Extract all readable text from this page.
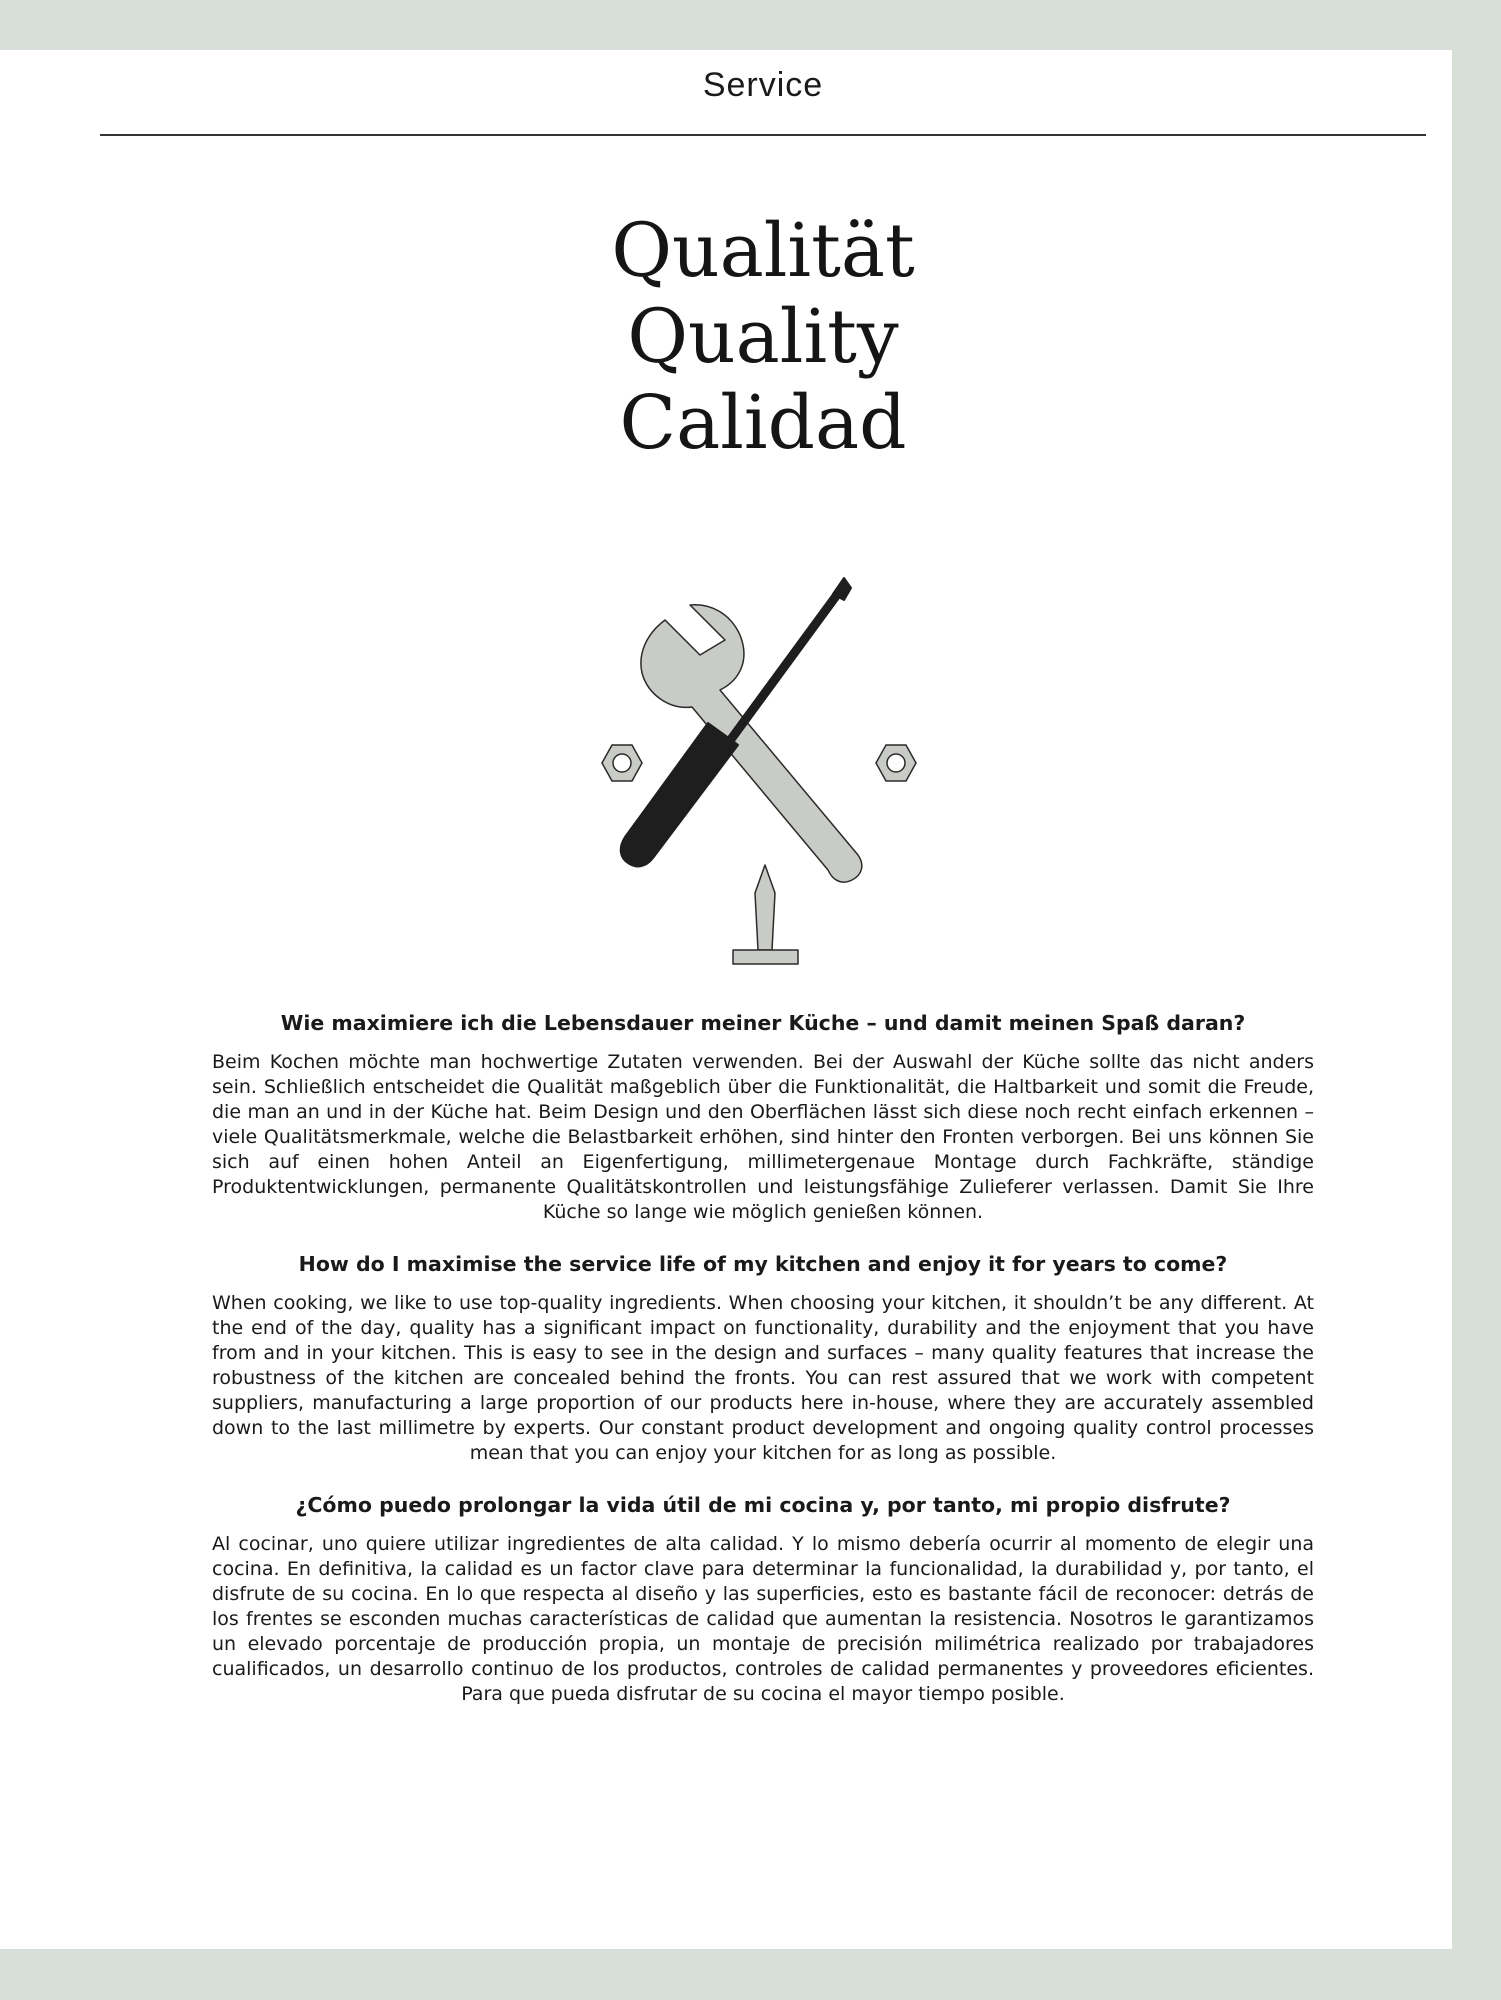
Service
Qualität
Quality
Calidad
Wie maximiere ich die Lebensdauer meiner Küche – und damit meinen Spaß daran?

Beim Kochen möchte man hochwertige Zutaten verwenden. Bei der Auswahl der Küche sollte das nicht anders sein. Schließlich entscheidet die Qualität maßgeblich über die Funktionalität, die Haltbarkeit und somit die Freude, die man an und in der Küche hat. Beim Design und den Oberflächen lässt sich diese noch recht einfach erkennen – viele Qualitätsmerkmale, welche die Belastbarkeit erhöhen, sind hinter den Fronten verborgen. Bei uns können Sie sich auf einen hohen Anteil an Eigenfertigung, millimetergenaue Montage durch Fachkräfte, ständige Produktentwicklungen, permanente Qualitätskontrollen und leistungsfähige Zulieferer verlassen. Damit Sie Ihre Küche so lange wie möglich genießen können.

How do I maximise the service life of my kitchen and enjoy it for years to come?

When cooking, we like to use top-quality ingredients. When choosing your kitchen, it shouldn’t be any different. At the end of the day, quality has a significant impact on functionality, durability and the enjoyment that you have from and in your kitchen. This is easy to see in the design and surfaces – many quality features that increase the robustness of the kitchen are concealed behind the fronts. You can rest assured that we work with competent suppliers, manufacturing a large proportion of our products here in-house, where they are accurately assembled down to the last millimetre by experts. Our constant product development and ongoing quality control processes mean that you can enjoy your kitchen for as long as possible.

¿Cómo puedo prolongar la vida útil de mi cocina y, por tanto, mi propio disfrute?

Al cocinar, uno quiere utilizar ingredientes de alta calidad. Y lo mismo debería ocurrir al momento de elegir una cocina. En definitiva, la calidad es un factor clave para determinar la funcionalidad, la durabilidad y, por tanto, el disfrute de su cocina. En lo que respecta al diseño y las superficies, esto es bastante fácil de reconocer: detrás de los frentes se esconden muchas características de calidad que aumentan la resistencia. Nosotros le garantizamos un elevado porcentaje de producción propia, un montaje de precisión milimétrica realizado por trabajadores cualificados, un desarrollo continuo de los productos, controles de calidad permanentes y proveedores eficientes. Para que pueda disfrutar de su cocina el mayor tiempo posible.
